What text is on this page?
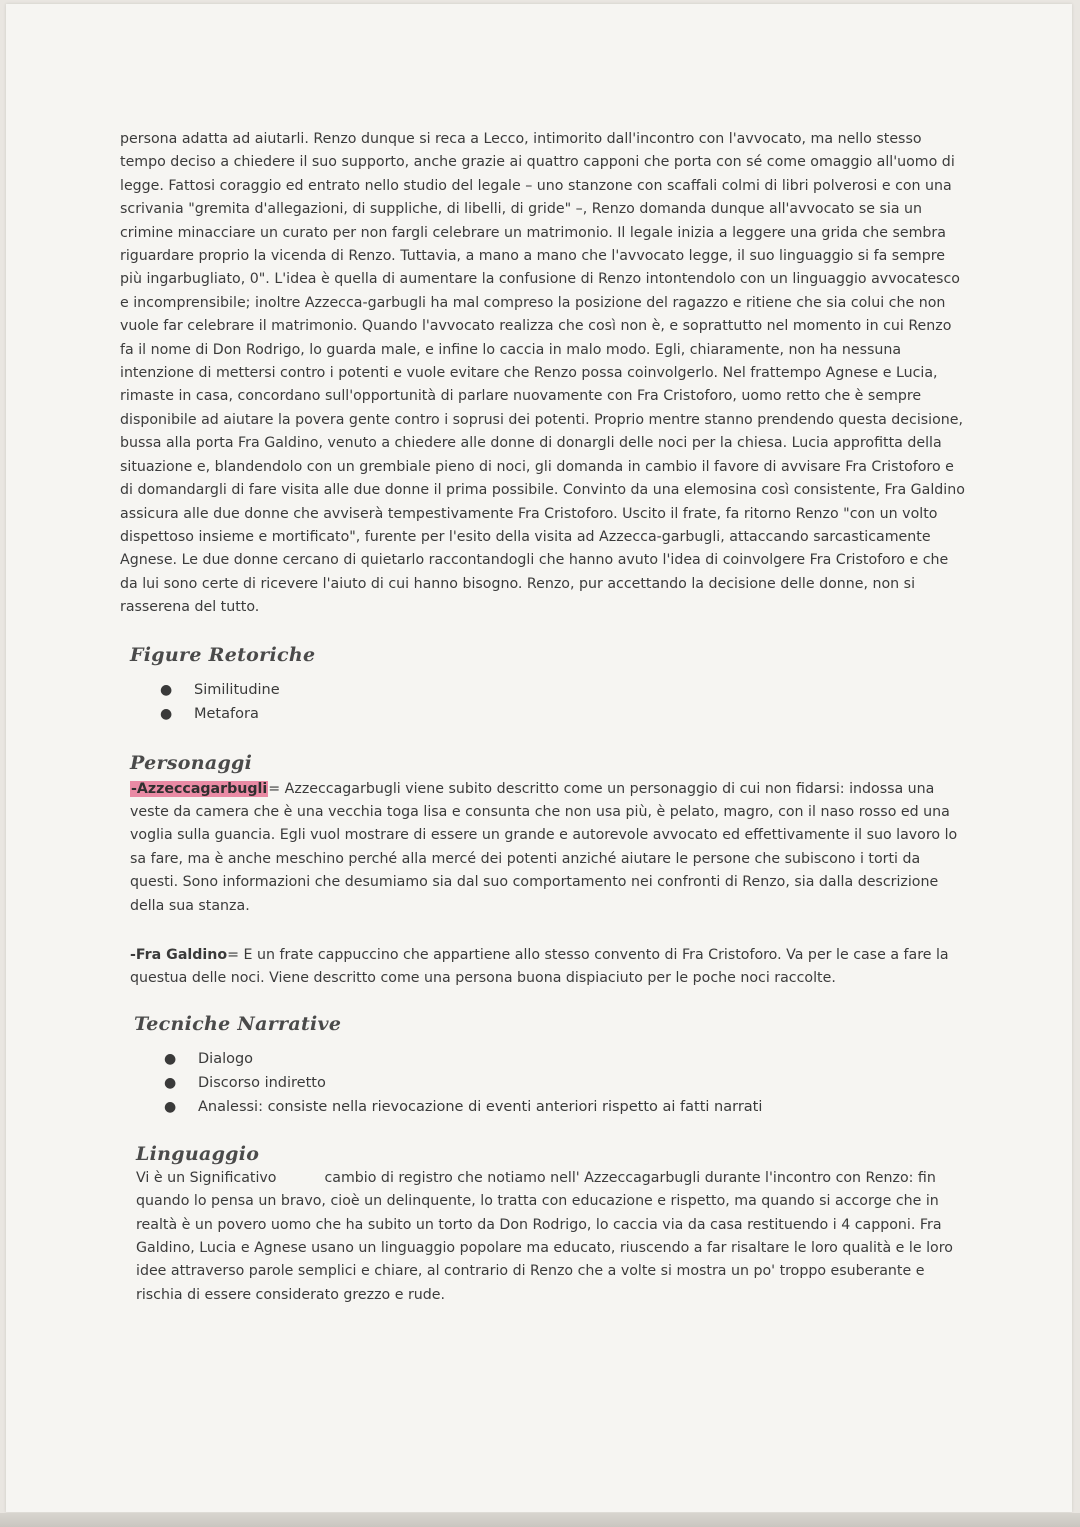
persona adatta ad aiutarli. Renzo dunque si reca a Lecco, intimorito dall'incontro con l'avvocato, ma nello stesso tempo deciso a chiedere il suo supporto, anche grazie ai quattro capponi che porta con sé come omaggio all'uomo di legge. Fattosi coraggio ed entrato nello studio del legale – uno stanzone con scaffali colmi di libri polverosi e con una scrivania "gremita d'allegazioni, di suppliche, di libelli, di gride" –, Renzo domanda dunque all'avvocato se sia un crimine minacciare un curato per non fargli celebrare un matrimonio. Il legale inizia a leggere una grida che sembra riguardare proprio la vicenda di Renzo. Tuttavia, a mano a mano che l'avvocato legge, il suo linguaggio si fa sempre più ingarbugliato, 0". L'idea è quella di aumentare la confusione di Renzo intontendolo con un linguaggio avvocatesco e incomprensibile; inoltre Azzecca-garbugli ha mal compreso la posizione del ragazzo e ritiene che sia colui che non vuole far celebrare il matrimonio. Quando l'avvocato realizza che così non è, e soprattutto nel momento in cui Renzo fa il nome di Don Rodrigo, lo guarda male, e infine lo caccia in malo modo. Egli, chiaramente, non ha nessuna intenzione di mettersi contro i potenti e vuole evitare che Renzo possa coinvolgerlo. Nel frattempo Agnese e Lucia, rimaste in casa, concordano sull'opportunità di parlare nuovamente con Fra Cristoforo, uomo retto che è sempre disponibile ad aiutare la povera gente contro i soprusi dei potenti. Proprio mentre stanno prendendo questa decisione, bussa alla porta Fra Galdino, venuto a chiedere alle donne di donargli delle noci per la chiesa. Lucia approfitta della situazione e, blandendolo con un grembiale pieno di noci, gli domanda in cambio il favore di avvisare Fra Cristoforo e di domandargli di fare visita alle due donne il prima possibile. Convinto da una elemosina così consistente, Fra Galdino assicura alle due donne che avviserà tempestivamente Fra Cristoforo. Uscito il frate, fa ritorno Renzo "con un volto dispettoso insieme e mortificato", furente per l'esito della visita ad Azzecca-garbugli, attaccando sarcasticamente Agnese. Le due donne cercano di quietarlo raccontandogli che hanno avuto l'idea di coinvolgere Fra Cristoforo e che da lui sono certe di ricevere l'aiuto di cui hanno bisogno. Renzo, pur accettando la decisione delle donne, non si rasserena del tutto.

Figure Retoriche
● Similitudine
● Metafora
Personaggi
-Azzeccagarbugli= Azzeccagarbugli viene subito descritto come un personaggio di cui non fidarsi: indossa una veste da camera che è una vecchia toga lisa e consunta che non usa più, è pelato, magro, con il naso rosso ed una voglia sulla guancia. Egli vuol mostrare di essere un grande e autorevole avvocato ed effettivamente il suo lavoro lo sa fare, ma è anche meschino perché alla mercé dei potenti anziché aiutare le persone che subiscono i torti da questi. Sono informazioni che desumiamo sia dal suo comportamento nei confronti di Renzo, sia dalla descrizione della sua stanza.
-Fra Galdino= E un frate cappuccino che appartiene allo stesso convento di Fra Cristoforo. Va per le case a fare la questua delle noci. Viene descritto come una persona buona dispiaciuto per le poche noci raccolte.
Tecniche Narrative
● Dialogo
● Discorso indiretto
● Analessi: consiste nella rievocazione di eventi anteriori rispetto ai fatti narrati
Linguaggio

Vi è un Significativo	cambio di registro che notiamo nell' Azzeccagarbugli durante l'incontro con Renzo: fin quando lo pensa un bravo, cioè un delinquente, lo tratta con educazione e rispetto, ma quando si accorge che in realtà è un povero uomo che ha subito un torto da Don Rodrigo, lo caccia via da casa restituendo i 4 capponi. Fra Galdino, Lucia e Agnese usano un linguaggio popolare ma educato, riuscendo a far risaltare le loro qualità e le loro idee attraverso parole semplici e chiare, al contrario di Renzo che a volte si mostra un po' troppo esuberante e rischia di essere considerato grezzo e rude.
